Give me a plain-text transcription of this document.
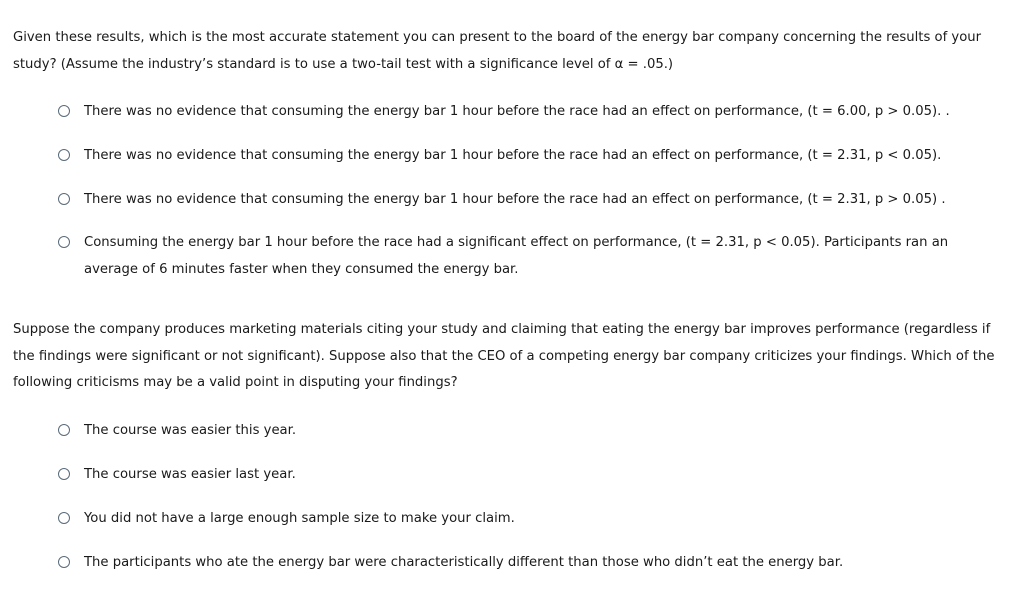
Given these results, which is the most accurate statement you can present to the board of the energy bar company concerning the results of your study? (Assume the industry’s standard is to use a two-tail test with a significance level of α = .05.)

There was no evidence that consuming the energy bar 1 hour before the race had an effect on performance, (t = 6.00, p > 0.05). .
There was no evidence that consuming the energy bar 1 hour before the race had an effect on performance, (t = 2.31, p < 0.05).
There was no evidence that consuming the energy bar 1 hour before the race had an effect on performance, (t = 2.31, p > 0.05) .
Consuming the energy bar 1 hour before the race had a significant effect on performance, (t = 2.31, p < 0.05). Participants ran an average of 6 minutes faster when they consumed the energy bar.

Suppose the company produces marketing materials citing your study and claiming that eating the energy bar improves performance (regardless if the findings were significant or not significant). Suppose also that the CEO of a competing energy bar company criticizes your findings. Which of the following criticisms may be a valid point in disputing your findings?

The course was easier this year.
The course was easier last year.
You did not have a large enough sample size to make your claim.
The participants who ate the energy bar were characteristically different than those who didn’t eat the energy bar.
